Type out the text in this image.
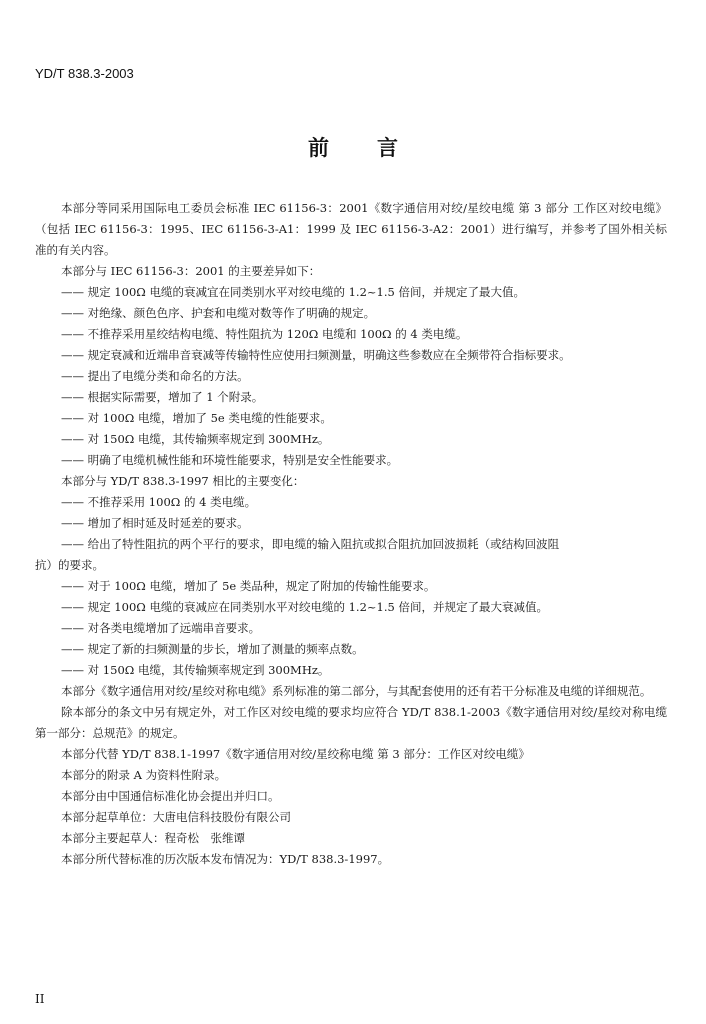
YD/T 838.3-2003
前言

本部分等同采用国际电工委员会标准 IEC 61156-3：2001《数字通信用对绞/星绞电缆 第 3 部分 工作区对绞电缆》（包括 IEC 61156-3：1995、IEC 61156-3-A1：1999 及 IEC 61156-3-A2：2001）进行编写，并参考了国外相关标准的有关内容。

本部分与 IEC 61156-3：2001 的主要差异如下：

—— 规定 100Ω 电缆的衰减宜在同类别水平对绞电缆的 1.2~1.5 倍间，并规定了最大值。

—— 对绝缘、颜色色序、护套和电缆对数等作了明确的规定。

—— 不推荐采用星绞结构电缆、特性阻抗为 120Ω 电缆和 100Ω 的 4 类电缆。

—— 规定衰减和近端串音衰减等传输特性应使用扫频测量，明确这些参数应在全频带符合指标要求。

—— 提出了电缆分类和命名的方法。

—— 根据实际需要，增加了 1 个附录。

—— 对 100Ω 电缆，增加了 5e 类电缆的性能要求。

—— 对 150Ω 电缆，其传输频率规定到 300MHz。

—— 明确了电缆机械性能和环境性能要求，特别是安全性能要求。

本部分与 YD/T 838.3-1997 相比的主要变化：

—— 不推荐采用 100Ω 的 4 类电缆。

—— 增加了相时延及时延差的要求。

—— 给出了特性阻抗的两个平行的要求，即电缆的输入阻抗或拟合阻抗加回波损耗（或结构回波阻

抗）的要求。

—— 对于 100Ω 电缆，增加了 5e 类品种，规定了附加的传输性能要求。

—— 规定 100Ω 电缆的衰减应在同类别水平对绞电缆的 1.2~1.5 倍间，并规定了最大衰减值。

—— 对各类电缆增加了远端串音要求。

—— 规定了新的扫频测量的步长，增加了测量的频率点数。

—— 对 150Ω 电缆，其传输频率规定到 300MHz。

本部分《数字通信用对绞/星绞对称电缆》系列标准的第二部分，与其配套使用的还有若干分标准及电缆的详细规范。

除本部分的条文中另有规定外，对工作区对绞电缆的要求均应符合 YD/T 838.1-2003《数字通信用对绞/星绞对称电缆 第一部分：总规范》的规定。

本部分代替 YD/T 838.1-1997《数字通信用对绞/星绞称电缆 第 3 部分：工作区对绞电缆》

本部分的附录 A 为资料性附录。

本部分由中国通信标准化协会提出并归口。

本部分起草单位：大唐电信科技股份有限公司

本部分主要起草人：程奇松　张维谭

本部分所代替标准的历次版本发布情况为：YD/T 838.3-1997。

II
